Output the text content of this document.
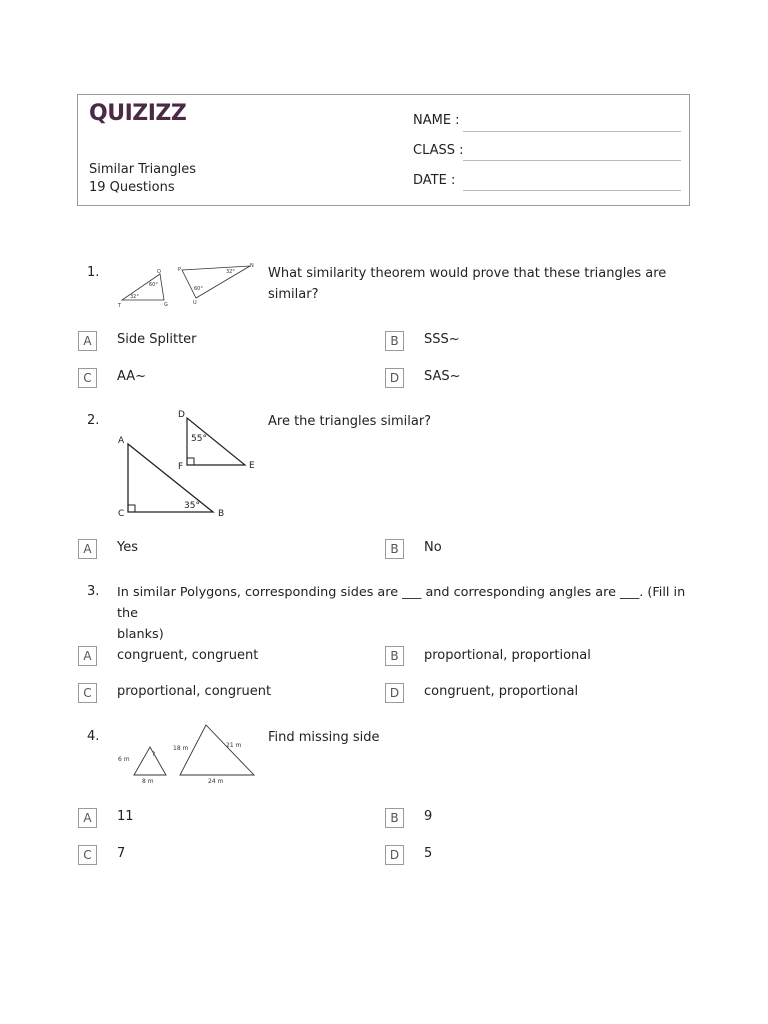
QUIZIZZ
Similar Triangles
19 Questions
NAME :
CLASS :
DATE :
1.	O	P
N
32°
60°
60°
32°
T	G	U
What similarity theorem would prove that these triangles are similar?
A	Side Splitter	B	SSS~
C	AA~	D	SAS~
2.	D
55°
F	E
A
C
35°
B
Are the triangles similar?
A	Yes	B	No
3. In similar Polygons, corresponding sides are ___ and corresponding angles are ___. (Fill in the
blanks)
A	congruent, congruent	B	proportional, proportional
C	proportional, congruent	D	congruent, proportional
4.
6 m
?
8 m
18 m	21 m
24 m
Find missing side
A	11	B	9
C	7	D	5
